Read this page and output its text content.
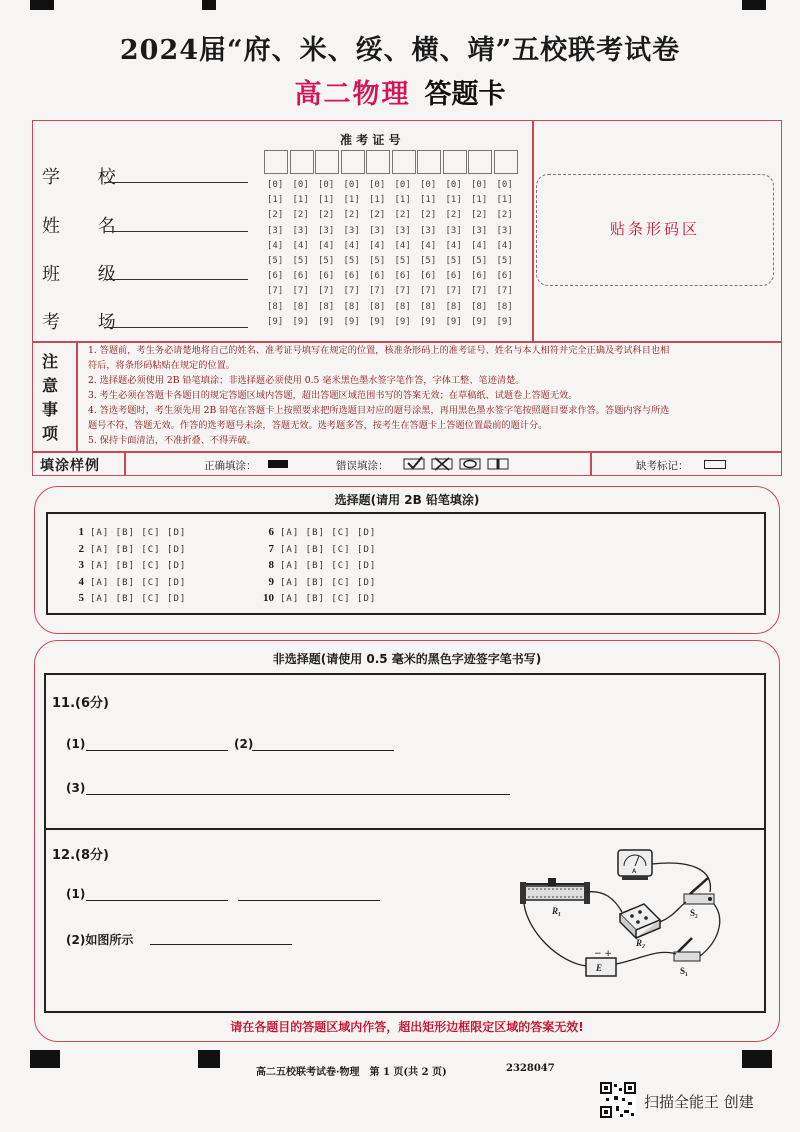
2024届“府、米、绥、横、靖”五校联考试卷
高二物理 答题卡
学 校
姓 名
班 级
考 场
准 考 证 号
[0] [0] [0] [0] [0] [0] [0] [0] [0] [0]
[1] [1] [1] [1] [1] [1] [1] [1] [1] [1]
[2] [2] [2] [2] [2] [2] [2] [2] [2] [2]
[3] [3] [3] [3] [3] [3] [3] [3] [3] [3]
[4] [4] [4] [4] [4] [4] [4] [4] [4] [4]
[5] [5] [5] [5] [5] [5] [5] [5] [5] [5]
[6] [6] [6] [6] [6] [6] [6] [6] [6] [6]
[7] [7] [7] [7] [7] [7] [7] [7] [7] [7]
[8] [8] [8] [8] [8] [8] [8] [8] [8] [8]
[9] [9] [9] [9] [9] [9] [9] [9] [9] [9]
贴条形码区
注意事项
1. 答题前，考生务必请楚地将自己的姓名、准考证号填写在规定的位置，核准条形码上的准考证号、姓名与本人相符并完全正确及考试科目也相
符后，将条形码粘贴在规定的位置。
2. 选择题必须使用 2B 铅笔填涂；非选择题必须使用 0.5 毫米黑色墨水签字笔作答，字体工整、笔迹清楚。
3. 考生必须在答题卡各题目的规定答题区域内答题，超出答题区域范围书写的答案无效；在草稿纸、试题卷上答题无效。
4. 答选考题时，考生须先用 2B 铅笔在答题卡上按照要求把所选题目对应的题号涂黑，再用黑色墨水签字笔按照题目要求作答。答题内容与所选
题号不符，答题无效。作答的选考题号未涂，答题无效。选考题多答，按考生在答题卡上答题位置最前的题计分。
5. 保持卡面清洁，不准折叠、不得弄破。
填涂样例	正确填涂：	错误填涂：	缺考标记：
选择题(请用 2B 铅笔填涂)
1 [A] [B] [C] [D]
2 [A] [B] [C] [D]
3 [A] [B] [C] [D]
4 [A] [B] [C] [D]
5 [A] [B] [C] [D]
6 [A] [B] [C] [D]
7 [A] [B] [C] [D]
8 [A] [B] [C] [D]
9 [A] [B] [C] [D]
10 [A] [B] [C] [D]
非选择题(请使用 0.5 毫米的黑色字迹签字笔书写)
11.(6分)
(1)	(2)
(3)
12.(8分)
(1)
(2)如图所示
− +
R₁
R₂
S₂
S₁
E
A
请在各题目的答题区域内作答，超出矩形边框限定区域的答案无效!
高二五校联考试卷·物理　第 1 页(共 2 页)	2328047
扫描全能王 创建
